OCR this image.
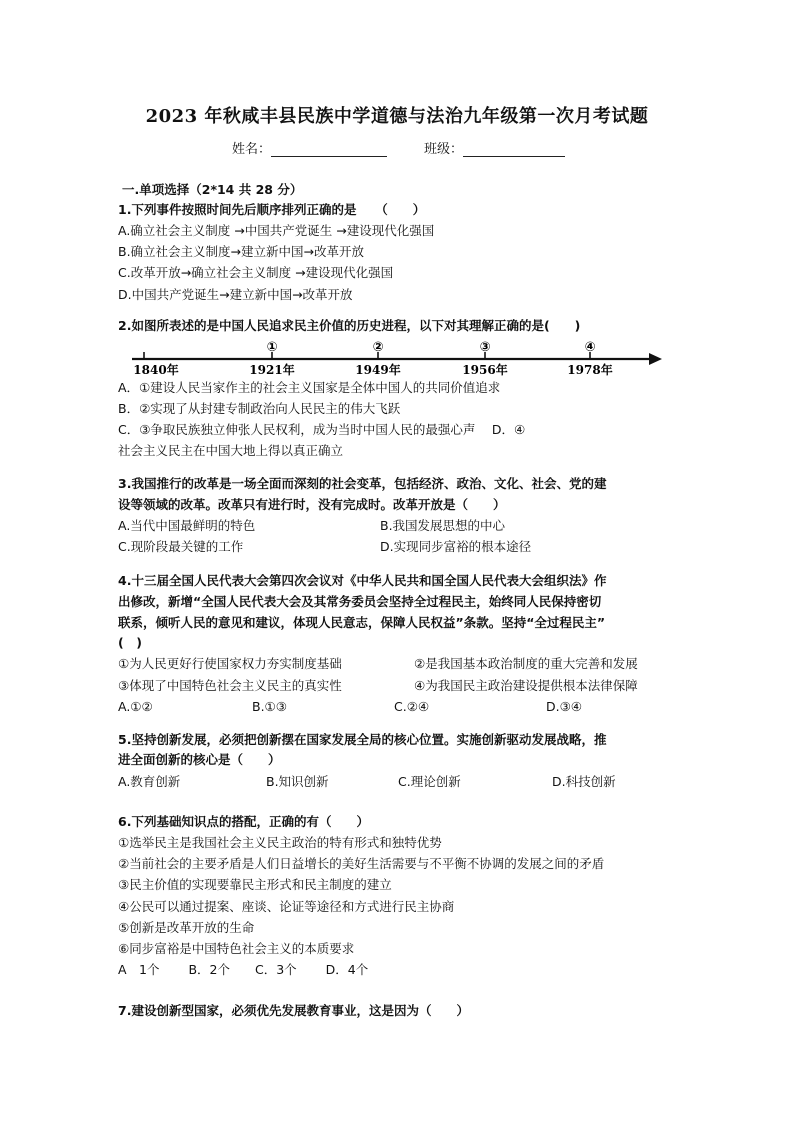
2023 年秋咸丰县民族中学道德与法治九年级第一次月考试题
姓名：	班级：
一.单项选择（2*14 共 28 分）
1.下列事件按照时间先后顺序排列正确的是　　（　　）
A.确立社会主义制度 →中国共产党诞生 →建设现代化强国
B.确立社会主义制度→建立新中国→改革开放
C.改革开放→确立社会主义制度 →建设现代化强国
D.中国共产党诞生→建立新中国→改革开放
2.如图所表述的是中国人民追求民主价值的历史进程，以下对其理解正确的是(　　)
①	②	③	④
1840年	1921年	1949年	1956年	1978年
A．①建设人民当家作主的社会主义国家是全体中国人的共同价值追求
B．②实现了从封建专制政治向人民民主的伟大飞跃
C．③争取民族独立伸张人民权利，成为当时中国人民的最强心声　 D．④
社会主义民主在中国大地上得以真正确立
3.我国推行的改革是一场全面而深刻的社会变革，包括经济、政治、文化、社会、党的建
设等领域的改革。改革只有进行时，没有完成时。改革开放是（　　）
A.当代中国最鲜明的特色	B.我国发展思想的中心
C.现阶段最关键的工作	D.实现同步富裕的根本途径
4.十三届全国人民代表大会第四次会议对《中华人民共和国全国人民代表大会组织法》作
出修改，新增“全国人民代表大会及其常务委员会坚持全过程民主，始终同人民保持密切
联系，倾听人民的意见和建议，体现人民意志，保障人民权益”条款。坚持“全过程民主”
(　)
①为人民更好行使国家权力夯实制度基础	②是我国基本政治制度的重大完善和发展
③体现了中国特色社会主义民主的真实性	④为我国民主政治建设提供根本法律保障
A.①②	B.①③	C.②④	D.③④
5.坚持创新发展，必须把创新摆在国家发展全局的核心位置。实施创新驱动发展战略，推
进全面创新的核心是（　　）
A.教育创新	B.知识创新	C.理论创新	D.科技创新
6.下列基础知识点的搭配，正确的有（　　）
①选举民主是我国社会主义民主政治的特有形式和独特优势
②当前社会的主要矛盾是人们日益增长的美好生活需要与不平衡不协调的发展之间的矛盾
③民主价值的实现要靠民主形式和民主制度的建立
④公民可以通过提案、座谈、论证等途径和方式进行民主协商
⑤创新是改革开放的生命
⑥同步富裕是中国特色社会主义的本质要求
A　1个　　 B．2个　　C．3个　　 D．4个
7.建设创新型国家，必须优先发展教育事业，这是因为（　　）
